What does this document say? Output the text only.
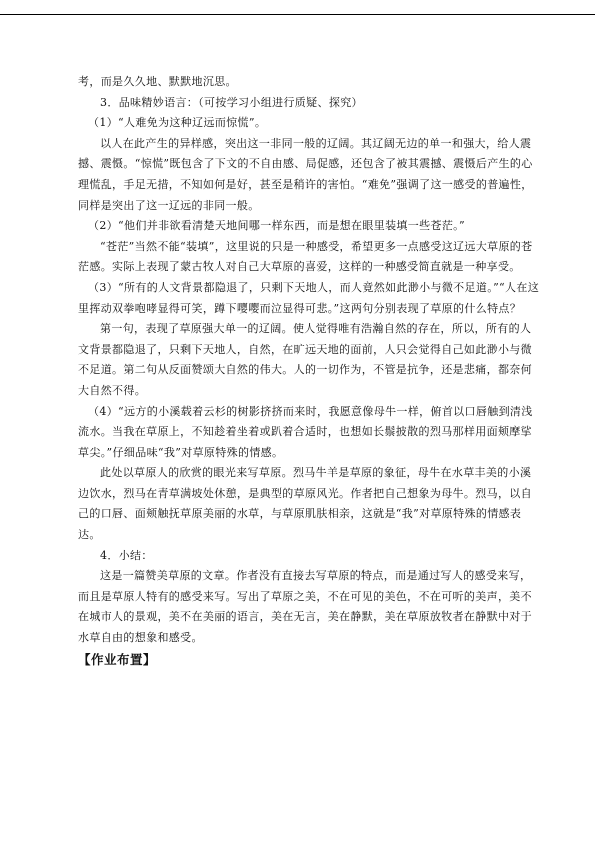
考，而是久久地、默默地沉思。

3．品味精妙语言：（可按学习小组进行质疑、探究）

（1）“人难免为这种辽远而惊慌”。

以人在此产生的异样感，突出这一非同一般的辽阔。其辽阔无边的单一和强大，给人震撼、震慑。“惊慌”既包含了下文的不自由感、局促感，还包含了被其震撼、震慑后产生的心理慌乱，手足无措，不知如何是好，甚至是稍许的害怕。“难免”强调了这一感受的普遍性，同样是突出了这一辽远的非同一般。

（2）“他们并非欲看清楚天地间哪一样东西，而是想在眼里装填一些苍茫。”

“苍茫”当然不能“装填”，这里说的只是一种感受，希望更多一点感受这辽远大草原的苍茫感。实际上表现了蒙古牧人对自己大草原的喜爱，这样的一种感受简直就是一种享受。

（3）“所有的人文背景都隐退了，只剩下天地人，而人竟然如此渺小与微不足道。”“人在这里挥动双拳咆哮显得可笑，蹲下嘤嘤而泣显得可悲。”这两句分别表现了草原的什么特点？

第一句，表现了草原强大单一的辽阔。使人觉得唯有浩瀚自然的存在，所以，所有的人文背景都隐退了，只剩下天地人，自然，在旷远天地的面前，人只会觉得自己如此渺小与微不足道。第二句从反面赞颂大自然的伟大。人的一切作为，不管是抗争，还是悲痛，都奈何大自然不得。

（4）“远方的小溪载着云杉的树影挤挤而来时，我愿意像母牛一样，俯首以口唇触到清浅流水。当我在草原上，不知趁着坐着或趴着合适时，也想如长鬃披散的烈马那样用面颊摩挲草尖。”仔细品味“我”对草原特殊的情感。

此处以草原人的欣赏的眼光来写草原。烈马牛羊是草原的象征，母牛在水草丰美的小溪边饮水，烈马在青草满坡处休憩，是典型的草原风光。作者把自己想象为母牛。烈马，以自己的口唇、面颊触抚草原美丽的水草，与草原肌肤相亲，这就是“我”对草原特殊的情感表达。

4．小结：

这是一篇赞美草原的文章。作者没有直接去写草原的特点，而是通过写人的感受来写，而且是草原人特有的感受来写。写出了草原之美，不在可见的美色，不在可听的美声，美不在城市人的景观，美不在美丽的语言，美在无言，美在静默，美在草原放牧者在静默中对于水草自由的想象和感受。

【作业布置】
